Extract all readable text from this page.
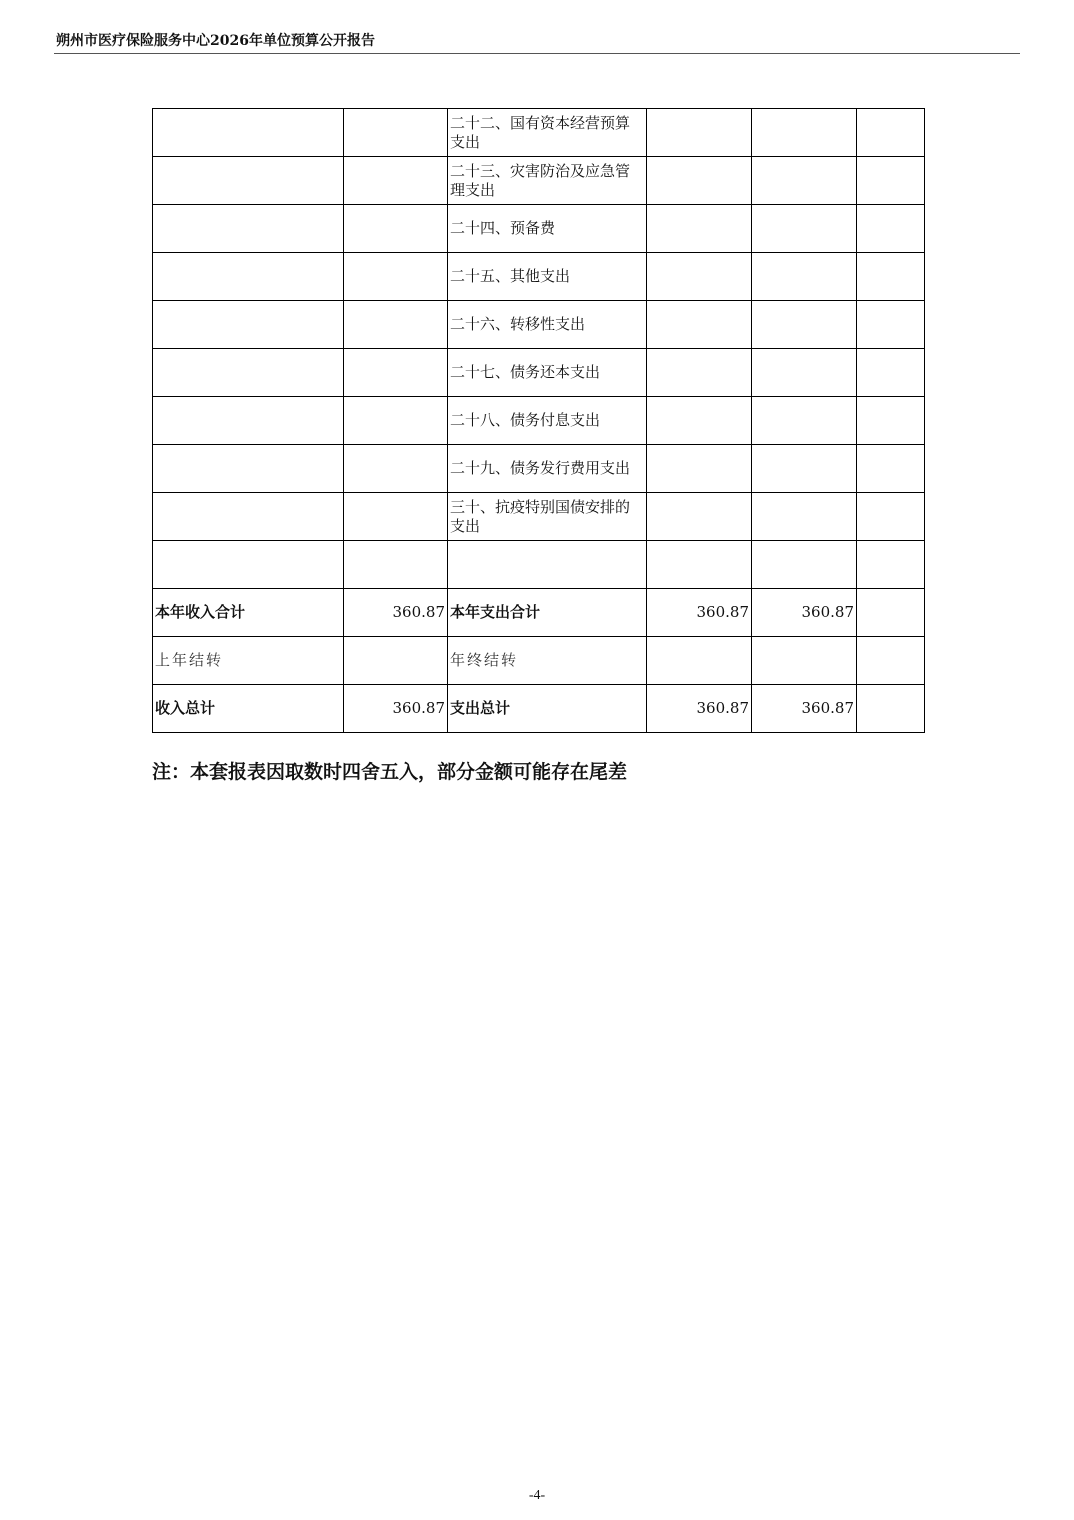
朔州市医疗保险服务中心2026年单位预算公开报告
		二十二、国有资本经营预算支出			
		二十三、灾害防治及应急管理支出			
		二十四、预备费			
		二十五、其他支出			
		二十六、转移性支出			
		二十七、债务还本支出			
		二十八、债务付息支出			
		二十九、债务发行费用支出			
		三十、抗疫特别国债安排的支出			

本年收入合计	360.87	本年支出合计	360.87	360.87	
上年结转		年终结转			
收入总计	360.87	支出总计	360.87	360.87	
注：本套报表因取数时四舍五入，部分金额可能存在尾差
-4-
